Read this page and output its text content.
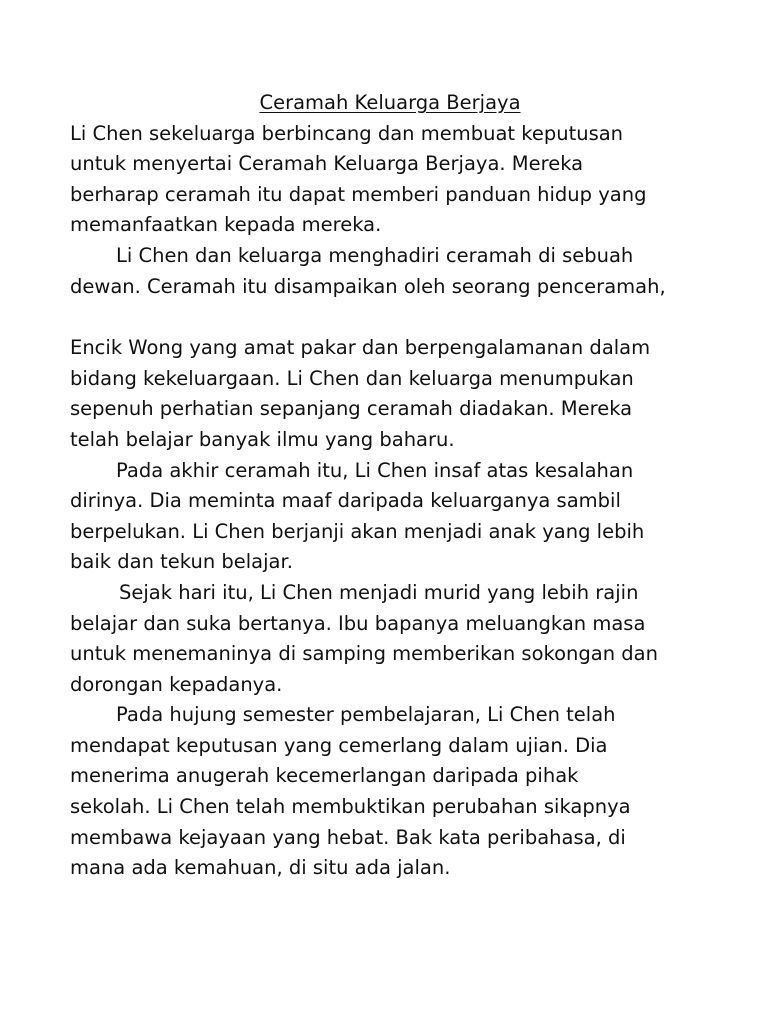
Ceramah Keluarga Berjaya
Li Chen sekeluarga berbincang dan membuat keputusan
untuk menyertai Ceramah Keluarga Berjaya. Mereka
berharap ceramah itu dapat memberi panduan hidup yang
memanfaatkan kepada mereka.
Li Chen dan keluarga menghadiri ceramah di sebuah
dewan. Ceramah itu disampaikan oleh seorang penceramah,
Encik Wong yang amat pakar dan berpengalamanan dalam
bidang kekeluargaan. Li Chen dan keluarga menumpukan
sepenuh perhatian sepanjang ceramah diadakan. Mereka
telah belajar banyak ilmu yang baharu.
Pada akhir ceramah itu, Li Chen insaf atas kesalahan
dirinya. Dia meminta maaf daripada keluarganya sambil
berpelukan. Li Chen berjanji akan menjadi anak yang lebih
baik dan tekun belajar.
Sejak hari itu, Li Chen menjadi murid yang lebih rajin
belajar dan suka bertanya. Ibu bapanya meluangkan masa
untuk menemaninya di samping memberikan sokongan dan
dorongan kepadanya.
Pada hujung semester pembelajaran, Li Chen telah
mendapat keputusan yang cemerlang dalam ujian. Dia
menerima anugerah kecemerlangan daripada pihak
sekolah. Li Chen telah membuktikan perubahan sikapnya
membawa kejayaan yang hebat. Bak kata peribahasa, di
mana ada kemahuan, di situ ada jalan.
